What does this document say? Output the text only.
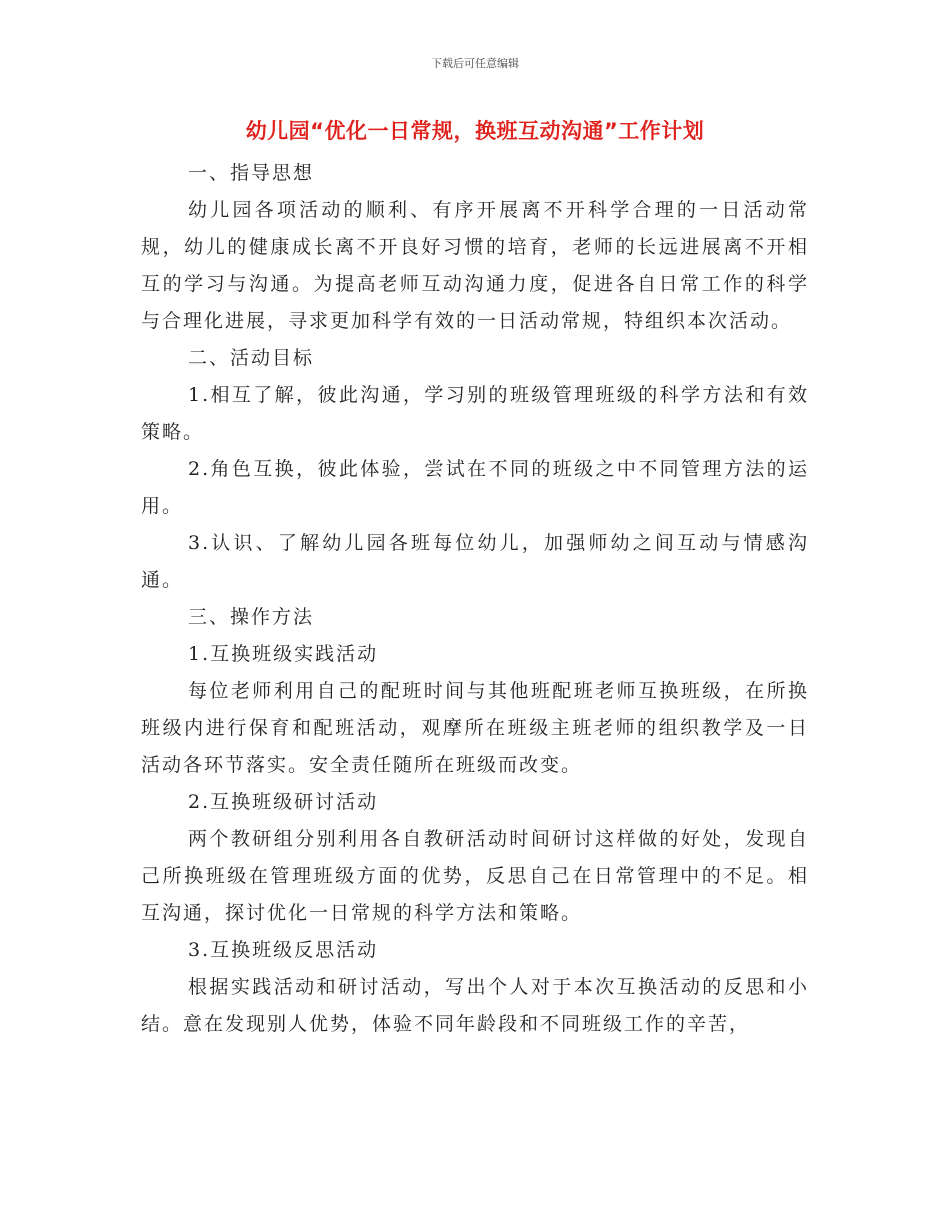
下载后可任意编辑
幼儿园“优化一日常规，换班互动沟通”工作计划

一、指导思想

幼儿园各项活动的顺利、有序开展离不开科学合理的一日活动常规，幼儿的健康成长离不开良好习惯的培育，老师的长远进展离不开相互的学习与沟通。为提高老师互动沟通力度，促进各自日常工作的科学与合理化进展，寻求更加科学有效的一日活动常规，特组织本次活动。

二、活动目标

1.相互了解，彼此沟通，学习别的班级管理班级的科学方法和有效策略。

2.角色互换，彼此体验，尝试在不同的班级之中不同管理方法的运用。

3.认识、了解幼儿园各班每位幼儿，加强师幼之间互动与情感沟通。

三、操作方法

1.互换班级实践活动

每位老师利用自己的配班时间与其他班配班老师互换班级，在所换班级内进行保育和配班活动，观摩所在班级主班老师的组织教学及一日活动各环节落实。安全责任随所在班级而改变。

2.互换班级研讨活动

两个教研组分别利用各自教研活动时间研讨这样做的好处，发现自己所换班级在管理班级方面的优势，反思自己在日常管理中的不足。相互沟通，探讨优化一日常规的科学方法和策略。

3.互换班级反思活动

根据实践活动和研讨活动，写出个人对于本次互换活动的反思和小结。意在发现别人优势，体验不同年龄段和不同班级工作的辛苦，
